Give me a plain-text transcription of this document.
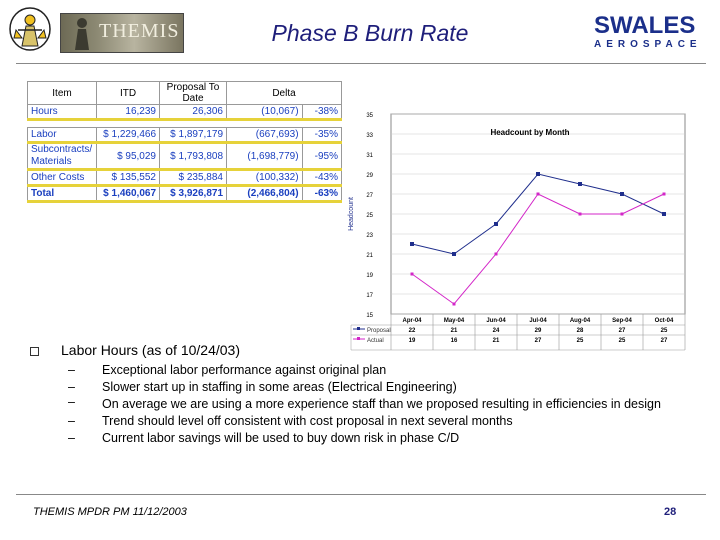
THEMIS	Phase B Burn Rate	SWALES
AEROSPACE
Item	ITD	Proposal To Date	Delta	
Hours	16,239	26,306	(10,067)	-38%

Labor	$ 1,229,466	$ 1,897,179	(667,693)	-35%
Subcontracts/ Materials	$ 95,029	$ 1,793,808	(1,698,779)	-95%
Other Costs	$ 135,552	$ 235,884	(100,332)	-43%
Total	$ 1,460,067	$ 3,926,871	(2,466,804)	-63%
15
17
19
21
23
25
27
29
31
33
35
Headcount
Headcount by Month
Apr-04	May-04	Jun-04	Jul-04	Aug-04	Sep-04	Oct-04
Proposal	22	21	24	29	28	27	25
Actual	19	16	21	27	25	25	27
Labor Hours (as of 10/24/03)
– Exceptional labor performance against original plan
– Slower start up in staffing in some areas (Electrical Engineering)
– On average we are using a more experience staff than we proposed resulting in efficiencies in design
– Trend should level off consistent with cost proposal in next several months
– Current labor savings will be used to buy down risk in phase C/D
THEMIS MPDR PM 11/12/2003	28
